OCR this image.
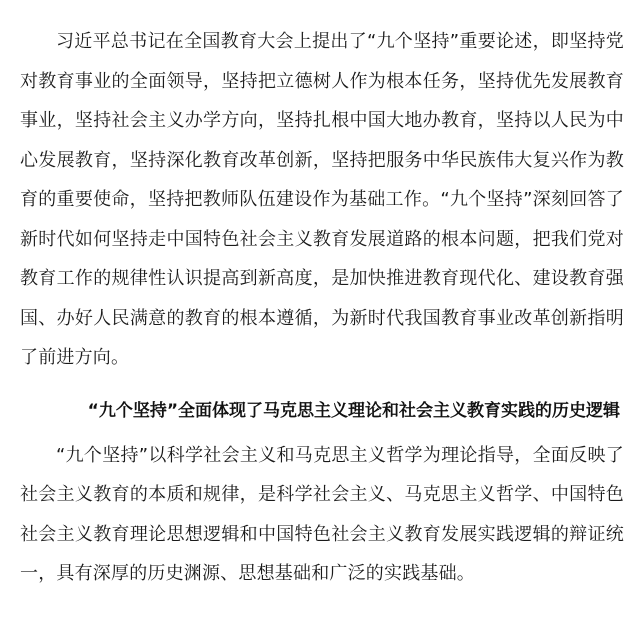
习近平总书记在全国教育大会上提出了“九个坚持”重要论述，即坚持党对教育事业的全面领导，坚持把立德树人作为根本任务，坚持优先发展教育事业，坚持社会主义办学方向，坚持扎根中国大地办教育，坚持以人民为中心发展教育，坚持深化教育改革创新，坚持把服务中华民族伟大复兴作为教育的重要使命，坚持把教师队伍建设作为基础工作。“九个坚持”深刻回答了新时代如何坚持走中国特色社会主义教育发展道路的根本问题，把我们党对教育工作的规律性认识提高到新高度，是加快推进教育现代化、建设教育强国、办好人民满意的教育的根本遵循，为新时代我国教育事业改革创新指明了前进方向。

“九个坚持”全面体现了马克思主义理论和社会主义教育实践的历史逻辑

“九个坚持”以科学社会主义和马克思主义哲学为理论指导，全面反映了社会主义教育的本质和规律，是科学社会主义、马克思主义哲学、中国特色社会主义教育理论思想逻辑和中国特色社会主义教育发展实践逻辑的辩证统一，具有深厚的历史渊源、思想基础和广泛的实践基础。
